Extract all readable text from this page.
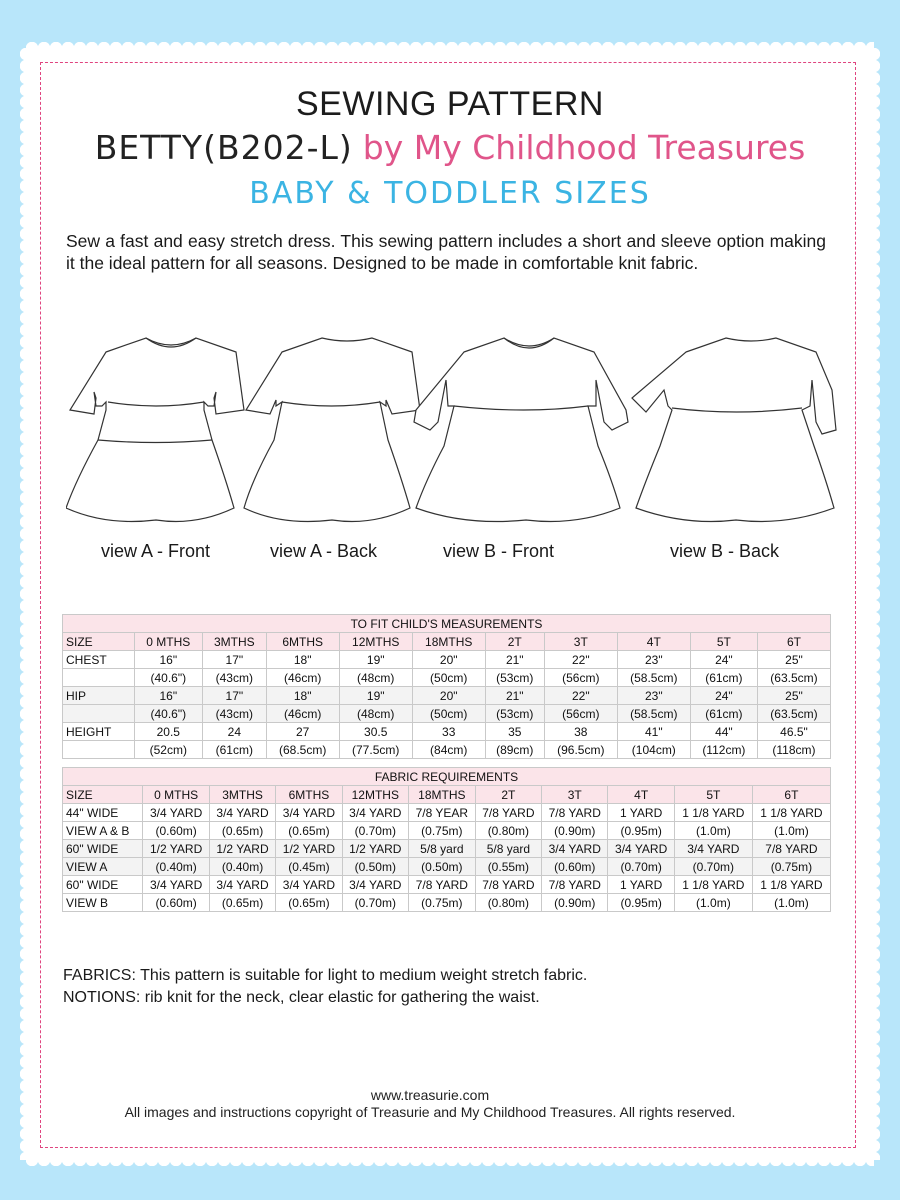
SEWING PATTERN
BETTY(B202-L) by My Childhood Treasures
BABY & TODDLER SIZES
Sew a fast and easy stretch dress. This sewing pattern includes a short and sleeve option making it the ideal pattern for all seasons. Designed to be made in comfortable knit fabric.
view A - Front	view A - Back	view B - Front	view B - Back
TO FIT CHILD'S MEASUREMENTS										
SIZE	0 MTHS	3MTHS	6MTHS	12MTHS	18MTHS	2T	3T	4T	5T	6T
CHEST	16"	17"	18"	19"	20"	21"	22"	23"	24"	25"
	(40.6")	(43cm)	(46cm)	(48cm)	(50cm)	(53cm)	(56cm)	(58.5cm)	(61cm)	(63.5cm)
HIP	16"	17"	18"	19"	20"	21"	22"	23"	24"	25"
	(40.6")	(43cm)	(46cm)	(48cm)	(50cm)	(53cm)	(56cm)	(58.5cm)	(61cm)	(63.5cm)
HEIGHT	20.5	24	27	30.5	33	35	38	41"	44"	46.5"
	(52cm)	(61cm)	(68.5cm)	(77.5cm)	(84cm)	(89cm)	(96.5cm)	(104cm)	(112cm)	(118cm)
FABRIC REQUIREMENTS										
SIZE	0 MTHS	3MTHS	6MTHS	12MTHS	18MTHS	2T	3T	4T	5T	6T
44" WIDE	3/4 YARD	3/4 YARD	3/4 YARD	3/4 YARD	7/8 YEAR	7/8 YARD	7/8 YARD	1 YARD	1 1/8 YARD	1 1/8 YARD
VIEW A & B	(0.60m)	(0.65m)	(0.65m)	(0.70m)	(0.75m)	(0.80m)	(0.90m)	(0.95m)	(1.0m)	(1.0m)
60" WIDE	1/2 YARD	1/2 YARD	1/2 YARD	1/2 YARD	5/8 yard	5/8 yard	3/4 YARD	3/4 YARD	3/4 YARD	7/8 YARD
VIEW A	(0.40m)	(0.40m)	(0.45m)	(0.50m)	(0.50m)	(0.55m)	(0.60m)	(0.70m)	(0.70m)	(0.75m)
60" WIDE	3/4 YARD	3/4 YARD	3/4 YARD	3/4 YARD	7/8 YARD	7/8 YARD	7/8 YARD	1 YARD	1 1/8 YARD	1 1/8 YARD
VIEW B	(0.60m)	(0.65m)	(0.65m)	(0.70m)	(0.75m)	(0.80m)	(0.90m)	(0.95m)	(1.0m)	(1.0m)
FABRICS: This pattern is suitable for light to medium weight stretch fabric.
NOTIONS: rib knit for the neck, clear elastic for gathering the waist.
www.treasurie.com
All images and instructions copyright of Treasurie and My Childhood Treasures. All rights reserved.
